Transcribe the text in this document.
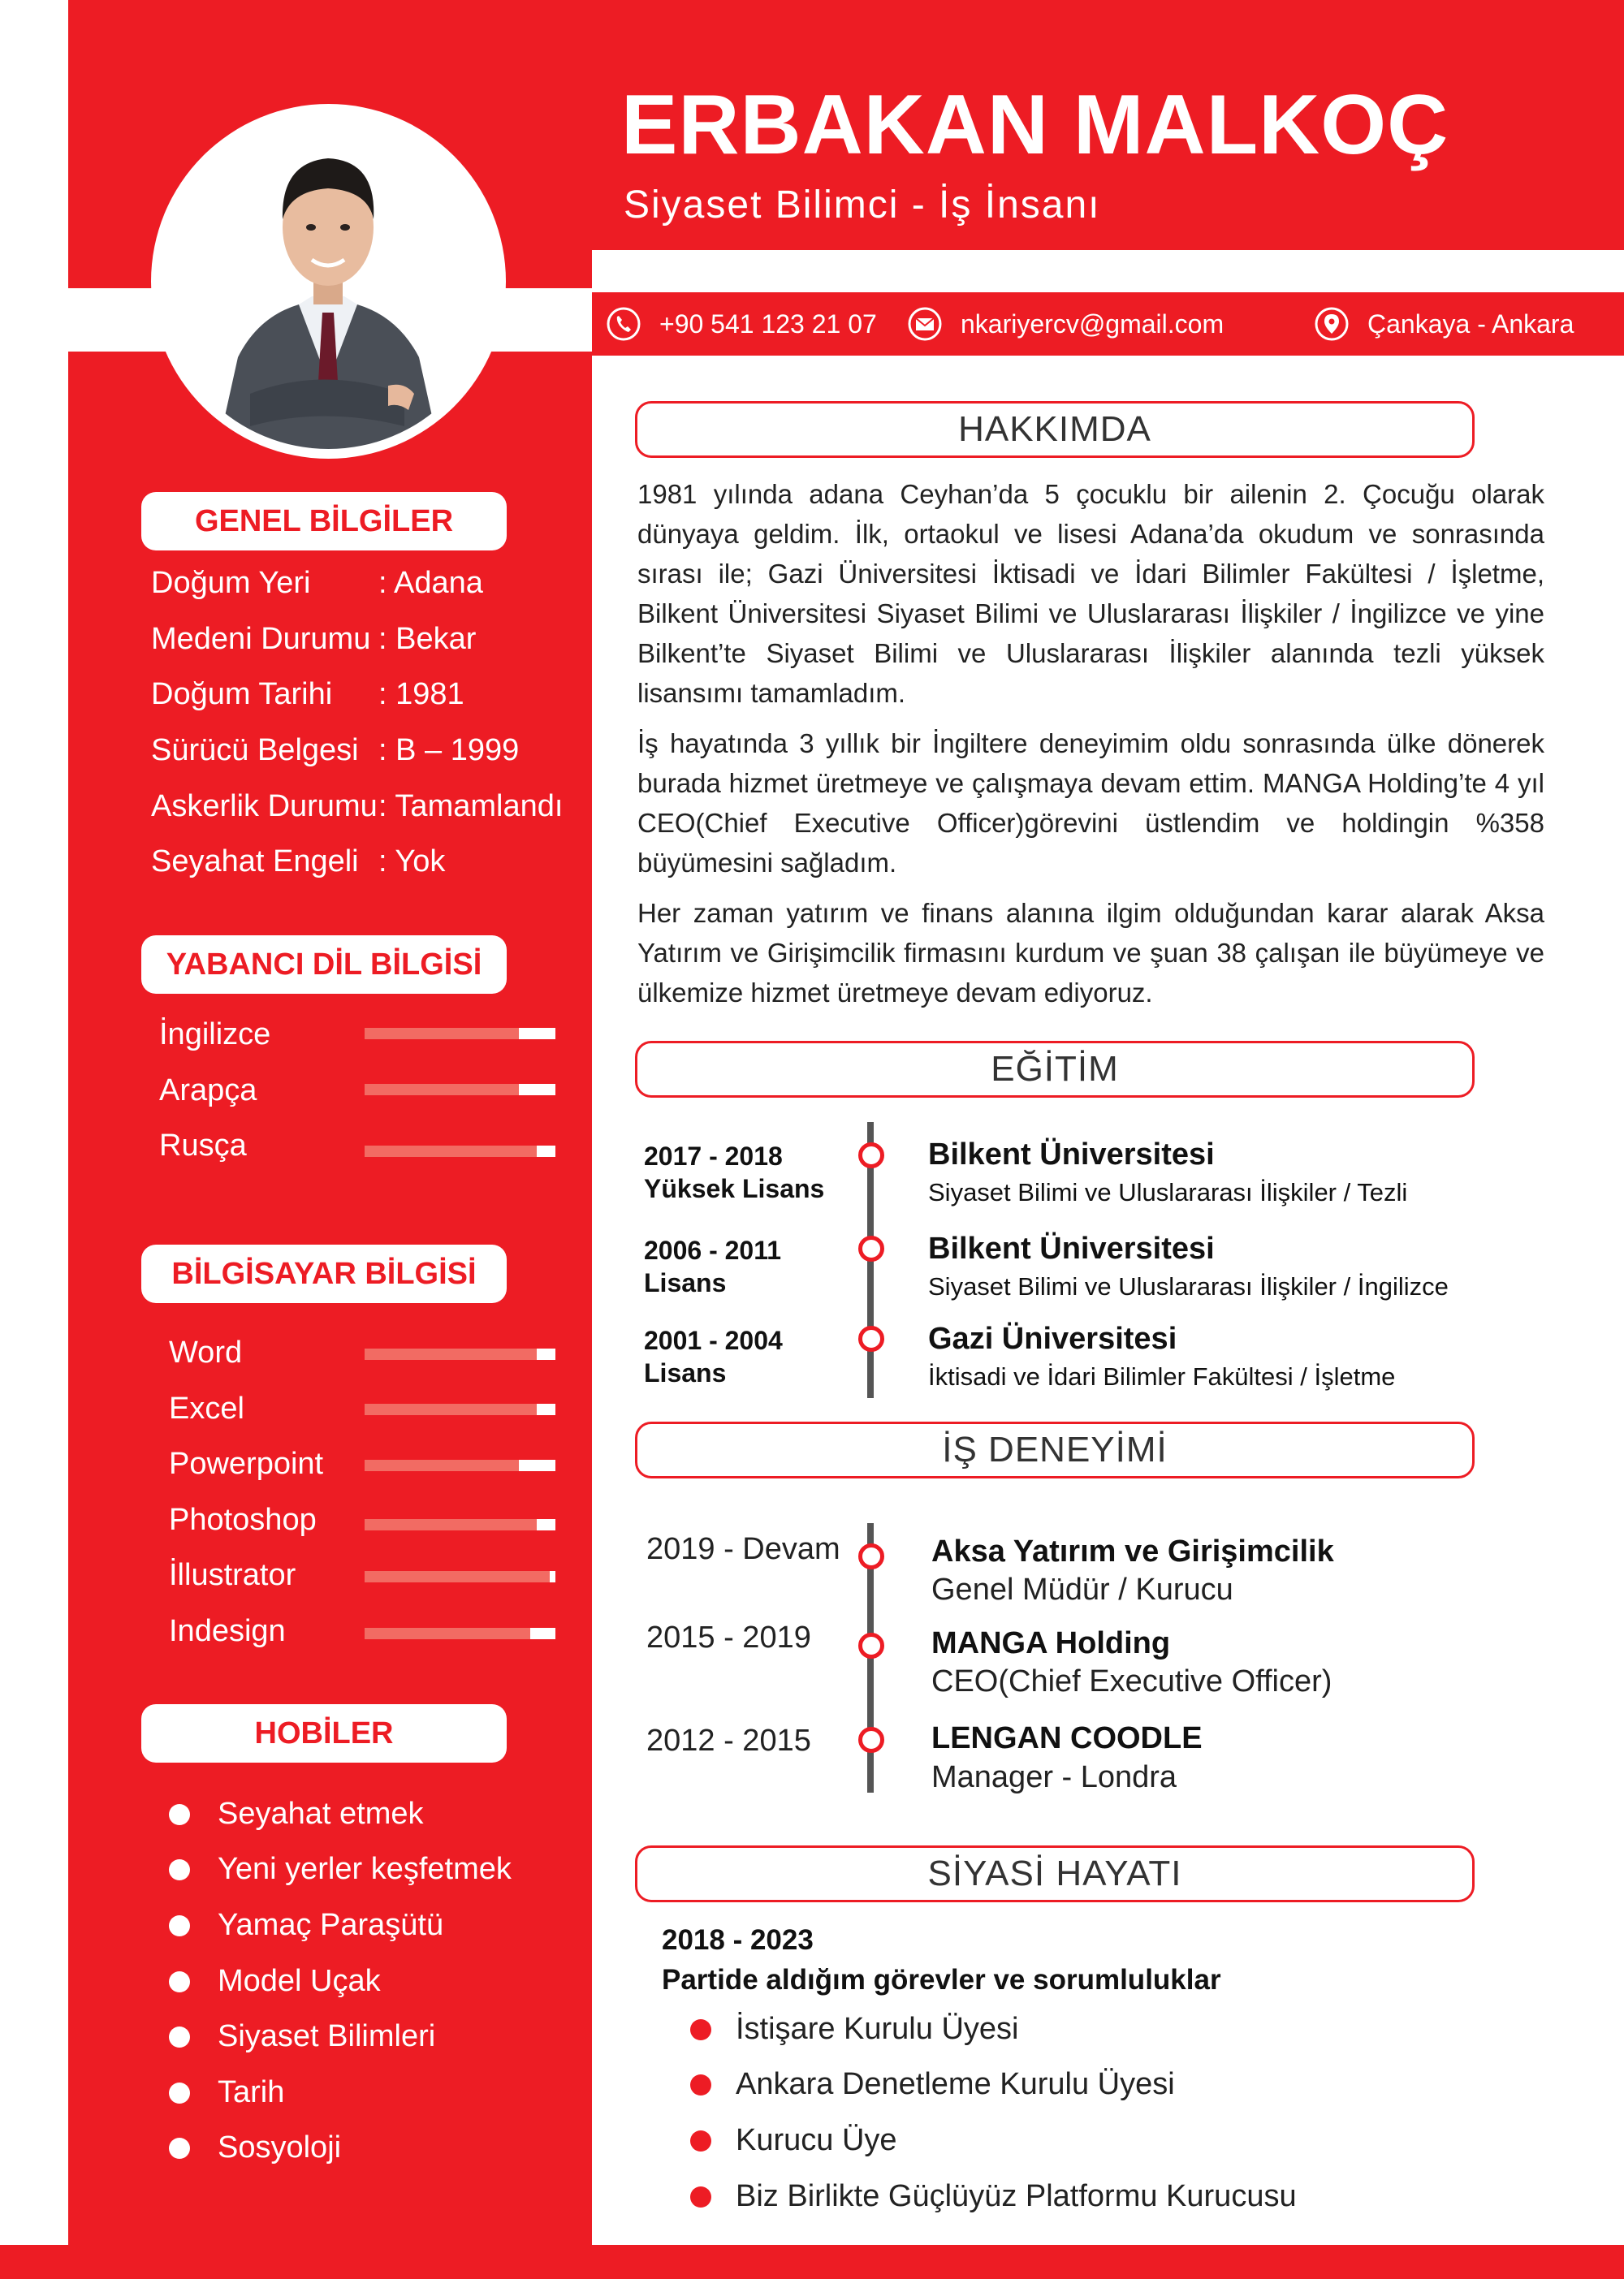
ERBAKAN MALKOÇ
Siyaset Bilimci - İş İnsanı
+90 541 123 21 07	nkariyercv@gmail.com	Çankaya - Ankara
GENEL BİLGİLER
Doğum Yeri : Adana
Medeni Durumu : Bekar
Doğum Tarihi : 1981
Sürücü Belgesi : B – 1999
Askerlik Durumu : Tamamlandı
Seyahat Engeli : Yok
YABANCI DİL BİLGİSİ
İngilizce
Arapça
Rusça
BİLGİSAYAR BİLGİSİ
Word
Excel
Powerpoint
Photoshop
İllustrator
Indesign
HOBİLER
Seyahat etmek
Yeni yerler keşfetmek
Yamaç Paraşütü
Model Uçak
Siyaset Bilimleri
Tarih
Sosyoloji
HAKKIMDA
1981 yılında adana Ceyhan’da 5 çocuklu bir ailenin 2. Çocuğu olarak dünyaya geldim. İlk, ortaokul ve lisesi Adana’da okudum ve sonrasında sırası ile; Gazi Üniversitesi İktisadi ve İdari Bilimler Fakültesi / İşletme, Bilkent Üniversitesi Siyaset Bilimi ve Uluslararası İlişkiler / İngilizce ve yine Bilkent’te Siyaset Bilimi ve Uluslararası İlişkiler alanında tezli yüksek lisansımı tamamladım.
İş hayatında 3 yıllık bir İngiltere deneyimim oldu sonrasında ülke dönerek burada hizmet üretmeye ve çalışmaya devam ettim. MANGA Holding’te 4 yıl CEO(Chief Executive Officer)görevini üstlendim ve holdingin %358 büyümesini sağladım.
Her zaman yatırım ve finans alanına ilgim olduğundan karar alarak Aksa Yatırım ve Girişimcilik firmasını kurdum ve şuan 38 çalışan ile büyümeye ve ülkemize hizmet üretmeye devam ediyoruz.
EĞİTİM
2017 - 2018
Yüksek Lisans
Bilkent Üniversitesi
Siyaset Bilimi ve Uluslararası İlişkiler / Tezli
2006 - 2011
Lisans
Bilkent Üniversitesi
Siyaset Bilimi ve Uluslararası İlişkiler / İngilizce
2001 - 2004
Lisans
Gazi Üniversitesi
İktisadi ve İdari Bilimler Fakültesi / İşletme
İŞ DENEYİMİ
2019 - Devam	Aksa Yatırım ve Girişimcilik
Genel Müdür / Kurucu
2015 - 2019	MANGA Holding
CEO(Chief Executive Officer)
2012 - 2015	LENGAN COODLE
Manager - Londra
SİYASİ HAYATI
2018 - 2023
Partide aldığım görevler ve sorumluluklar
İstişare Kurulu Üyesi
Ankara Denetleme Kurulu Üyesi
Kurucu Üye
Biz Birlikte Güçlüyüz Platformu Kurucusu
